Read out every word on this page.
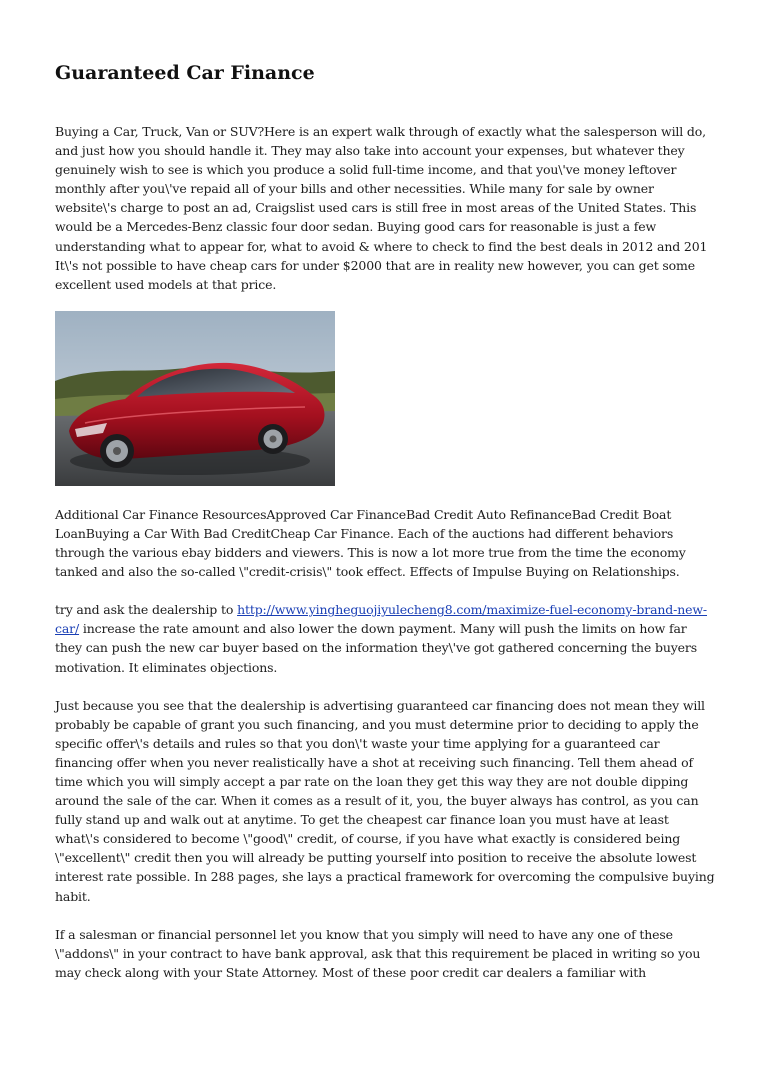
Guaranteed Car Finance

Buying a Car, Truck, Van or SUV?Here is an expert walk through of exactly what the salesperson will do, and just how you should handle it. They may also take into account your expenses, but whatever they genuinely wish to see is which you produce a solid full-time income, and that you\'ve money leftover monthly after you\'ve repaid all of your bills and other necessities. While many for sale by owner website\'s charge to post an ad, Craigslist used cars is still free in most areas of the United States. This would be a Mercedes-Benz classic four door sedan. Buying good cars for reasonable is just a few understanding what to appear for, what to avoid & where to check to find the best deals in 2012 and 201 It\'s not possible to have cheap cars for under $2000 that are in reality new however, you can get some excellent used models at that price.

Additional Car Finance ResourcesApproved Car FinanceBad Credit Auto RefinanceBad Credit Boat LoanBuying a Car With Bad CreditCheap Car Finance. Each of the auctions had different behaviors through the various ebay bidders and viewers. This is now a lot more true from the time the economy tanked and also the so-called \"credit-crisis\" took effect. Effects of Impulse Buying on Relationships.

try and ask the dealership to http://www.yingheguojiyulecheng8.com/maximize-fuel-economy-brand-new-car/ increase the rate amount and also lower the down payment. Many will push the limits on how far they can push the new car buyer based on the information they\'ve got gathered concerning the buyers motivation. It eliminates objections.

Just because you see that the dealership is advertising guaranteed car financing does not mean they will probably be capable of grant you such financing, and you must determine prior to deciding to apply the specific offer\'s details and rules so that you don\'t waste your time applying for a guaranteed car financing offer when you never realistically have a shot at receiving such financing. Tell them ahead of time which you will simply accept a par rate on the loan they get this way they are not double dipping around the sale of the car. When it comes as a result of it, you, the buyer always has control, as you can fully stand up and walk out at anytime. To get the cheapest car finance loan you must have at least what\'s considered to become \"good\" credit, of course, if you have what exactly is considered being \"excellent\" credit then you will already be putting yourself into position to receive the absolute lowest interest rate possible. In 288 pages, she lays a practical framework for overcoming the compulsive buying habit.

If a salesman or financial personnel let you know that you simply will need to have any one of these \"addons\" in your contract to have bank approval, ask that this requirement be placed in writing so you may check along with your State Attorney. Most of these poor credit car dealers a familiar with
